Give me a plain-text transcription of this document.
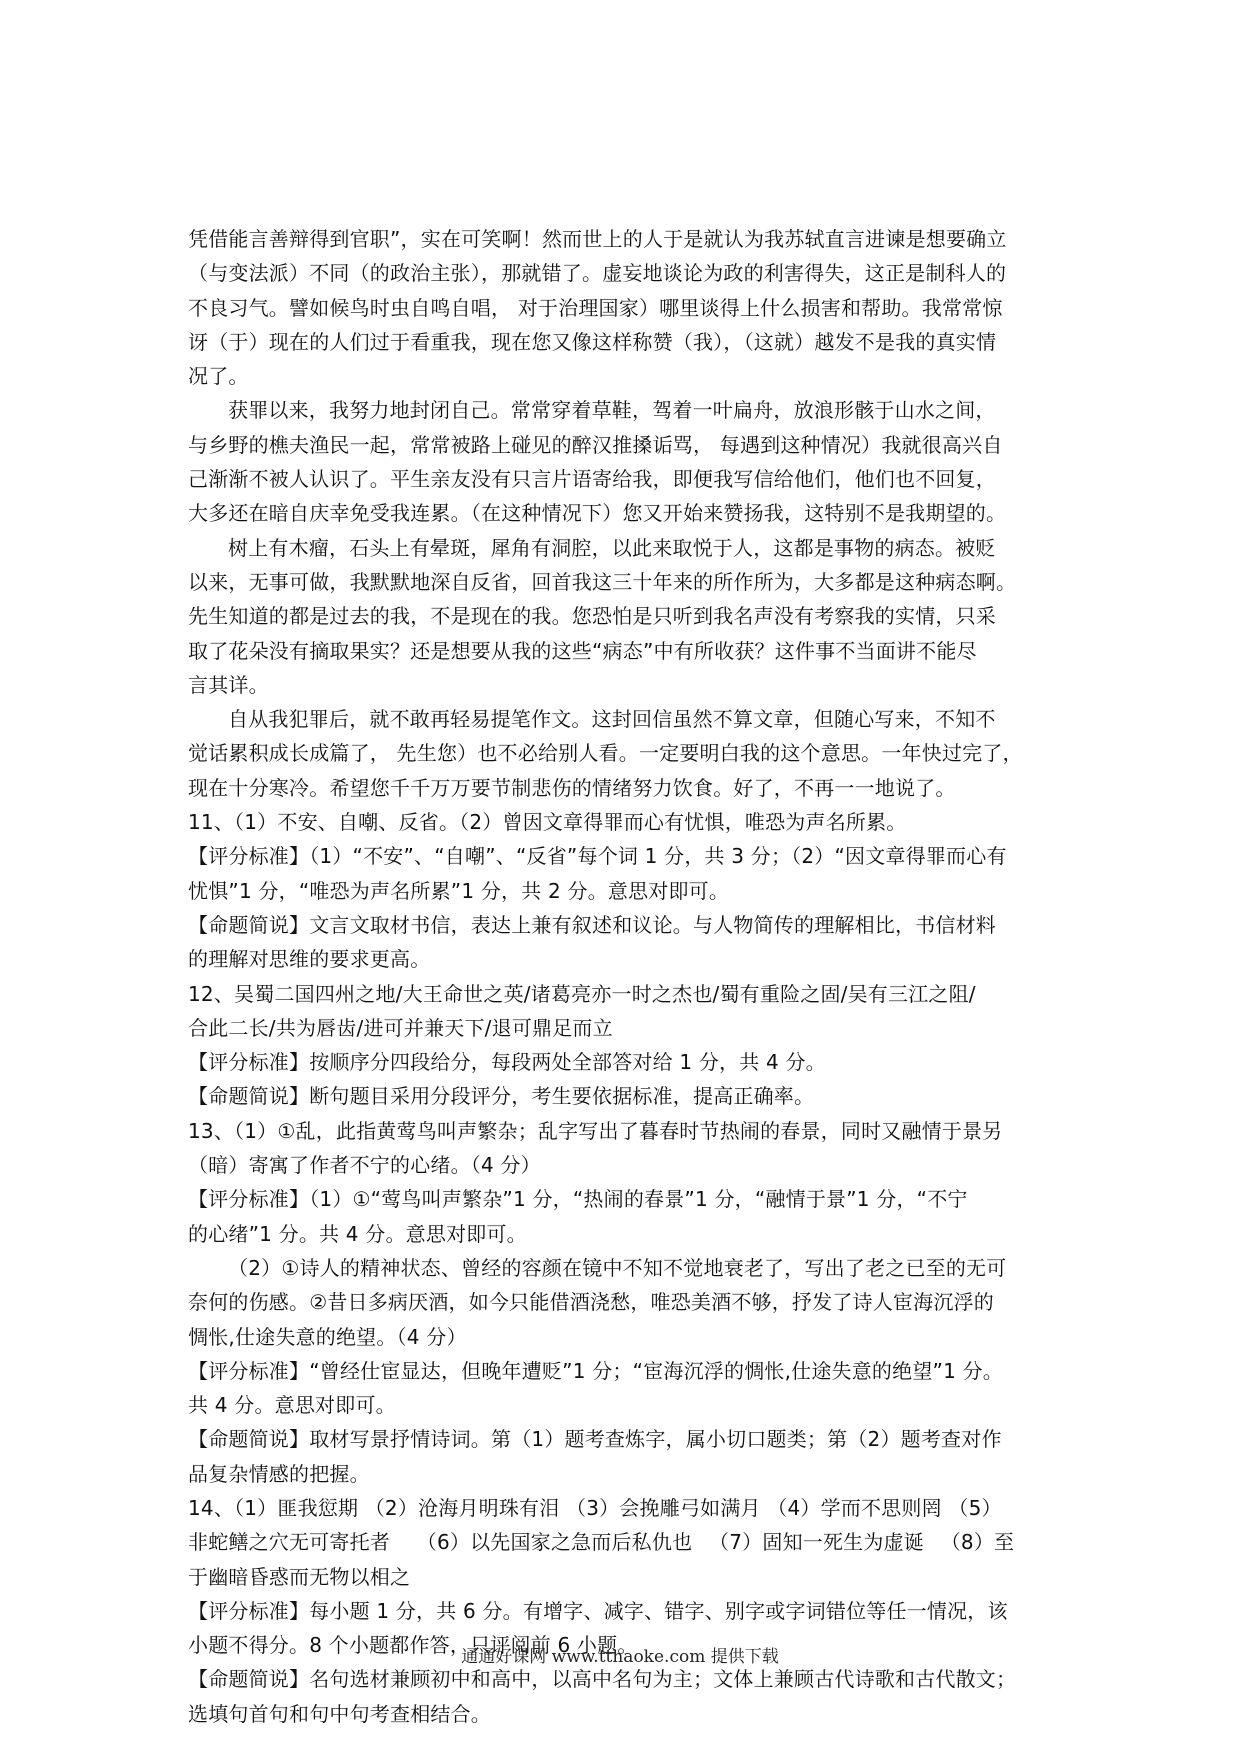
凭借能言善辩得到官职”，实在可笑啊！然而世上的人于是就认为我苏轼直言进谏是想要确立
（与变法派）不同（的政治主张），那就错了。虚妄地谈论为政的利害得失，这正是制科人的
不良习气。譬如候鸟时虫自鸣自唱， 对于治理国家）哪里谈得上什么损害和帮助。我常常惊
讶（于）现在的人们过于看重我，现在您又像这样称赞（我），（这就）越发不是我的真实情
况了。
获罪以来，我努力地封闭自己。常常穿着草鞋，驾着一叶扁舟，放浪形骸于山水之间，
与乡野的樵夫渔民一起，常常被路上碰见的醉汉推搡诟骂， 每遇到这种情况）我就很高兴自
己渐渐不被人认识了。平生亲友没有只言片语寄给我，即便我写信给他们，他们也不回复，
大多还在暗自庆幸免受我连累。（在这种情况下）您又开始来赞扬我，这特别不是我期望的。
树上有木瘤，石头上有晕斑，犀角有洞腔，以此来取悦于人，这都是事物的病态。被贬
以来，无事可做，我默默地深自反省，回首我这三十年来的所作所为，大多都是这种病态啊。
先生知道的都是过去的我，不是现在的我。您恐怕是只听到我名声没有考察我的实情，只采
取了花朵没有摘取果实？还是想要从我的这些“病态”中有所收获？这件事不当面讲不能尽
言其详。
自从我犯罪后，就不敢再轻易提笔作文。这封回信虽然不算文章，但随心写来，不知不
觉话累积成长成篇了， 先生您）也不必给别人看。一定要明白我的这个意思。一年快过完了，
现在十分寒冷。希望您千千万万要节制悲伤的情绪努力饮食。好了，不再一一地说了。
11、（1）不安、自嘲、反省。（2）曾因文章得罪而心有忧惧，唯恐为声名所累。
【评分标准】（1）“不安”、“自嘲”、“反省”每个词 1 分，共 3 分；（2）“因文章得罪而心有
忧惧”1 分，“唯恐为声名所累”1 分，共 2 分。意思对即可。
【命题简说】文言文取材书信，表达上兼有叙述和议论。与人物简传的理解相比，书信材料
的理解对思维的要求更高。
12、吴蜀二国四州之地/大王命世之英/诸葛亮亦一时之杰也/蜀有重险之固/吴有三江之阻/
合此二长/共为唇齿/进可并兼天下/退可鼎足而立
【评分标准】按顺序分四段给分，每段两处全部答对给 1 分，共 4 分。
【命题简说】断句题目采用分段评分，考生要依据标准，提高正确率。
13、（1）①乱，此指黄莺鸟叫声繁杂；乱字写出了暮春时节热闹的春景，同时又融情于景另
（暗）寄寓了作者不宁的心绪。（4 分）
【评分标准】（1）①“莺鸟叫声繁杂”1 分，“热闹的春景”1 分，“融情于景”1 分，“不宁
的心绪”1 分。共 4 分。意思对即可。
（2）①诗人的精神状态、曾经的容颜在镜中不知不觉地衰老了，写出了老之已至的无可
奈何的伤感。②昔日多病厌酒，如今只能借酒浇愁，唯恐美酒不够，抒发了诗人宦海沉浮的
惆怅,仕途失意的绝望。（4 分）
【评分标准】“曾经仕宦显达，但晚年遭贬”1 分；“宦海沉浮的惆怅,仕途失意的绝望”1 分。
共 4 分。意思对即可。
【命题简说】取材写景抒情诗词。第（1）题考查炼字，属小切口题类；第（2）题考查对作
品复杂情感的把握。
14、（1）匪我愆期 （2）沧海月明珠有泪 （3）会挽雕弓如满月 （4）学而不思则罔 （5）
非蛇鳝之穴无可寄托者　 （6）以先国家之急而后私仇也 　（7）固知一死生为虚诞 　（8）至
于幽暗昏惑而无物以相之
【评分标准】每小题 1 分，共 6 分。有增字、减字、错字、别字或字词错位等任一情况，该
小题不得分。8 个小题都作答，只评阅前 6 小题。
【命题简说】名句选材兼顾初中和高中，以高中名句为主；文体上兼顾古代诗歌和古代散文；
选填句首句和句中句考查相结合。
通通好课网 www.tthaoke.com 提供下载
